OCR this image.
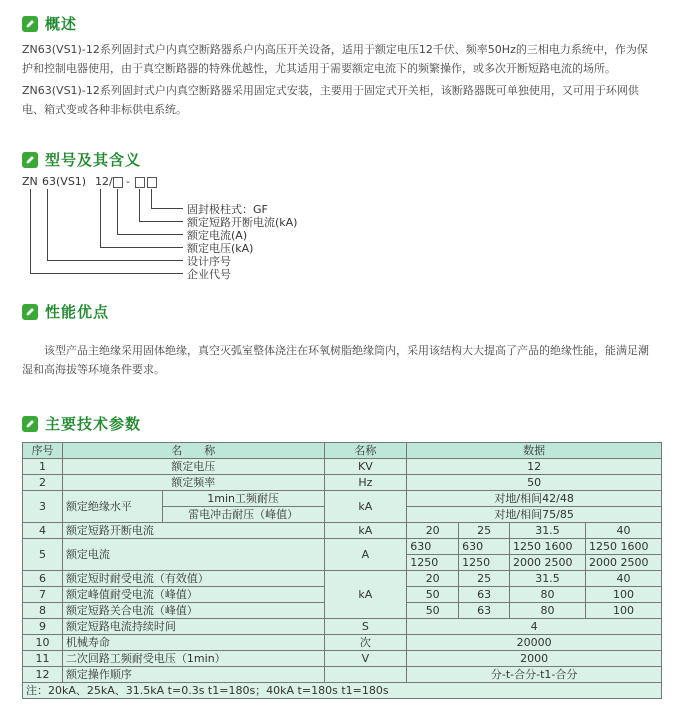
概述
ZN63(VS1)-12系列固封式户内真空断路器系户内高压开关设备，适用于额定电压12千伏、频率50Hz的三相电力系统中，作为保护和控制电器使用，由于真空断路器的特殊优越性，尤其适用于需要额定电流下的频繁操作，或多次开断短路电流的场所。
ZN63(VS1)-12系列固封式户内真空断路器采用固定式安装，主要用于固定式开关柜，该断路器既可单独使用，又可用于环网供电、箱式变或各种非标供电系统。
型号及其含义
ZN 63(VS1) 12/ -
固封极柱式：GF
额定短路开断电流(kA)
额定电流(A)
额定电压(kA)
设计序号
企业代号
性能优点
该型产品主绝缘采用固体绝缘，真空灭弧室整体浇注在环氧树脂绝缘筒内，采用该结构大大提高了产品的绝缘性能，能满足潮湿和高海拔等环境条件要求。
主要技术参数
序号	名　　称		名称	数据			
1	额定电压		KV	12			
2	额定频率		Hz	50			
3	额定绝缘水平	1min工频耐压	kA	对地/相间42/48			
		雷电冲击耐压（峰值）		对地/相间75/85			
4	额定短路开断电流		kA	20	25	31.5	40
5	额定电流		A	630	630	1250 1600	1250 1600
				1250	1250	2000 2500	2000 2500
6	额定短时耐受电流（有效值）		kA	20	25	31.5	40
7	额定峰值耐受电流（峰值）			50	63	80	100
8	额定短路关合电流（峰值）			50	63	80	100
9	额定短路电流持续时间		S	4			
10	机械寿命		次	20000			
11	二次回路工频耐受电压（1min）		V	2000			
12	额定操作顺序			分-t-合分-t1-合分			
注：20kA、25kA、31.5kA t=0.3s t1=180s；40kA t=180s t1=180s							
